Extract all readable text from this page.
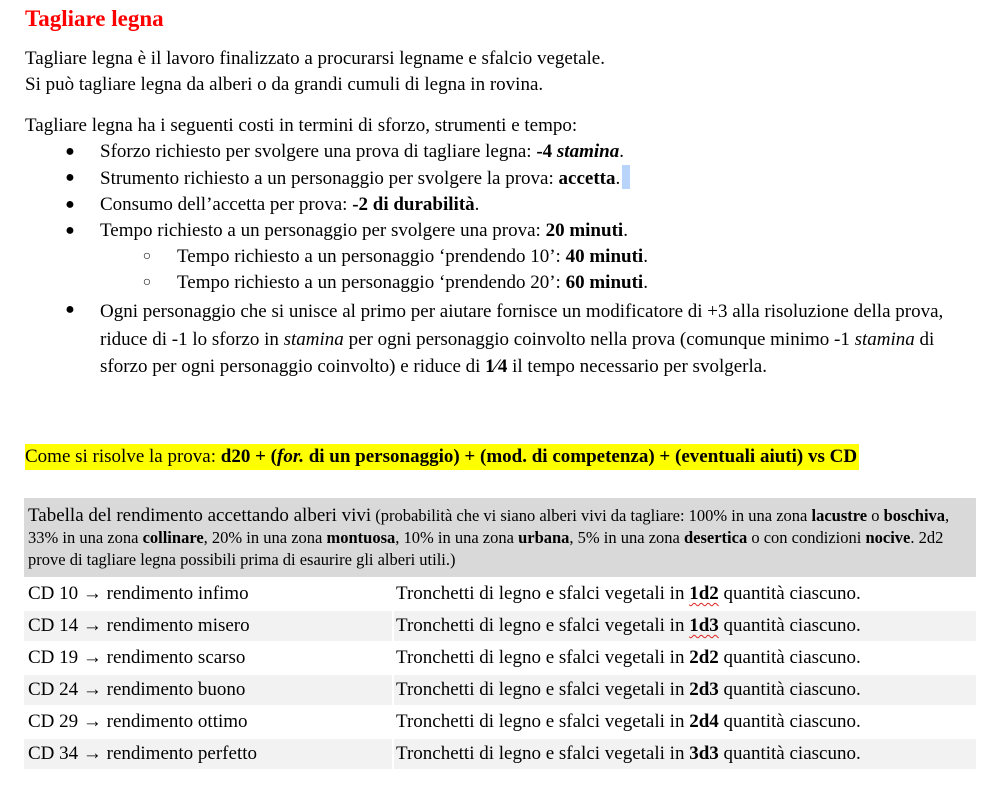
Tagliare legna

Tagliare legna è il lavoro finalizzato a procurarsi legname e sfalcio vegetale.

Si può tagliare legna da alberi o da grandi cumuli di legna in rovina.

Tagliare legna ha i seguenti costi in termini di sforzo, strumenti e tempo:

● Sforzo richiesto per svolgere una prova di tagliare legna: -4 stamina.
● Strumento richiesto a un personaggio per svolgere la prova: accetta.
● Consumo dell’accetta per prova: -2 di durabilità.
● Tempo richiesto a un personaggio per svolgere una prova: 20 minuti.
○ Tempo richiesto a un personaggio ‘prendendo 10’: 40 minuti.
○ Tempo richiesto a un personaggio ‘prendendo 20’: 60 minuti.
● Ogni personaggio che si unisce al primo per aiutare fornisce un modificatore di +3 alla risoluzione della prova, riduce di -1 lo sforzo in stamina per ogni personaggio coinvolto nella prova (comunque minimo -1 stamina di sforzo per ogni personaggio coinvolto) e riduce di 1⁄4 il tempo necessario per svolgerla.
Come si risolve la prova: d20 + (for. di un personaggio) + (mod. di competenza) + (eventuali aiuti) vs CD
Tabella del rendimento accettando alberi vivi (probabilità che vi siano alberi vivi da tagliare: 100% in una zona lacustre o boschiva, 33% in una zona collinare, 20% in una zona montuosa, 10% in una zona urbana, 5% in una zona desertica o con condizioni nocive. 2d2 prove di tagliare legna possibili prima di esaurire gli alberi utili.)
CD 10 → rendimento infimo	Tronchetti di legno e sfalci vegetali in 1d2 quantità ciascuno.
CD 14 → rendimento misero	Tronchetti di legno e sfalci vegetali in 1d3 quantità ciascuno.
CD 19 → rendimento scarso	Tronchetti di legno e sfalci vegetali in 2d2 quantità ciascuno.
CD 24 → rendimento buono	Tronchetti di legno e sfalci vegetali in 2d3 quantità ciascuno.
CD 29 → rendimento ottimo	Tronchetti di legno e sfalci vegetali in 2d4 quantità ciascuno.
CD 34 → rendimento perfetto	Tronchetti di legno e sfalci vegetali in 3d3 quantità ciascuno.
